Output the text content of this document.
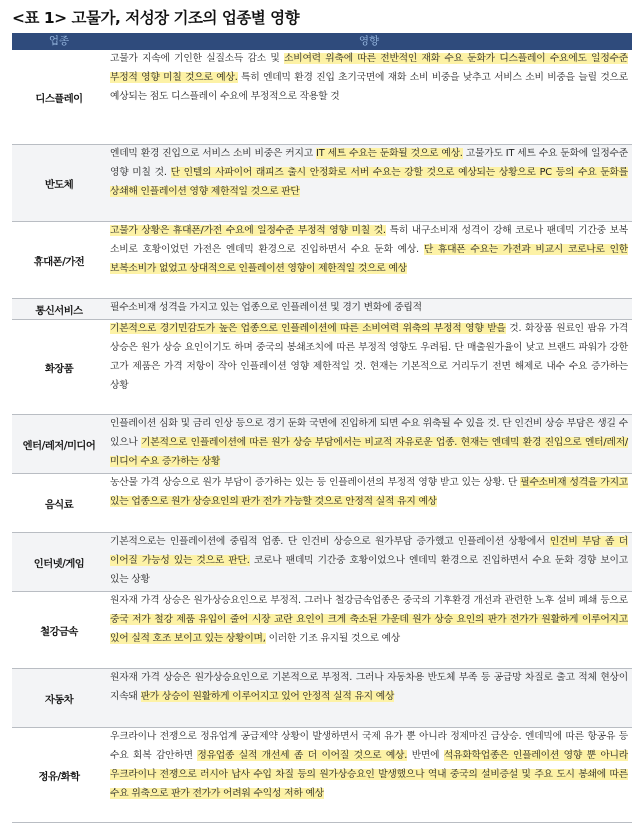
<표 1> 고물가, 저성장 기조의 업종별 영향
업종	영향
디스플레이	고물가 지속에 기인한 실질소득 감소 및 소비여력 위축에 따른 전반적인 재화 수요 둔화가 디스플레이 수요에도 일정수준 부정적 영향 미칠 것으로 예상. 특히 엔데믹 환경 진입 초기국면에 재화 소비 비중을 낮추고 서비스 소비 비중을 늘릴 것으로 예상되는 점도 디스플레이 수요에 부정적으로 작용할 것
반도체	엔데믹 환경 진입으로 서비스 소비 비중은 커지고 IT 세트 수요는 둔화될 것으로 예상. 고물가도 IT 세트 수요 둔화에 일정수준 영향 미칠 것. 단 인텔의 사파이어 래피즈 출시 안정화로 서버 수요는 강할 것으로 예상되는 상황으로 PC 등의 수요 둔화를 상쇄해 인플레이션 영향 제한적일 것으로 판단
휴대폰/가전	고물가 상황은 휴대폰/가전 수요에 일정수준 부정적 영향 미칠 것. 특히 내구소비재 성격이 강해 코로나 팬데믹 기간중 보복 소비로 호황이었던 가전은 엔데믹 환경으로 진입하면서 수요 둔화 예상. 단 휴대폰 수요는 가전과 비교시 코로나로 인한 보복소비가 없었고 상대적으로 인플레이션 영향이 제한적일 것으로 예상
통신서비스	필수소비재 성격을 가지고 있는 업종으로 인플레이션 및 경기 변화에 중립적
화장품	기본적으로 경기민감도가 높은 업종으로 인플레이션에 따른 소비여력 위축의 부정적 영향 받을 것. 화장품 원료인 팜유 가격 상승은 원가 상승 요인이기도 하며 중국의 봉쇄조치에 따른 부정적 영향도 우려됨. 단 매출원가율이 낮고 브랜드 파워가 강한 고가 제품은 가격 저항이 작아 인플레이션 영향 제한적일 것. 현재는 기본적으로 거리두기 전면 해제로 내수 수요 증가하는 상황
엔터/레저/미디어	인플레이션 심화 및 금리 인상 등으로 경기 둔화 국면에 진입하게 되면 수요 위축될 수 있을 것. 단 인건비 상승 부담은 생길 수 있으나 기본적으로 인플레이션에 따른 원가 상승 부담에서는 비교적 자유로운 업종. 현재는 엔데믹 환경 진입으로 엔터/레저/미디어 수요 증가하는 상황
음식료	농산물 가격 상승으로 원가 부담이 증가하는 있는 등 인플레이션의 부정적 영향 받고 있는 상황. 단 필수소비재 성격을 가지고 있는 업종으로 원가 상승요인의 판가 전가 가능할 것으로 안정적 실적 유지 예상
인터넷/게임	기본적으로는 인플레이션에 중립적 업종. 단 인건비 상승으로 원가부담 증가했고 인플레이션 상황에서 인건비 부담 좀 더 이어질 가능성 있는 것으로 판단. 코로나 팬데믹 기간중 호황이었으나 엔데믹 환경으로 진입하면서 수요 둔화 경향 보이고 있는 상황
철강금속	원자재 가격 상승은 원가상승요인으로 부정적. 그러나 철강금속업종은 중국의 기후환경 개선과 관련한 노후 설비 폐쇄 등으로 중국 저가 철강 제품 유입이 줄어 시장 교란 요인이 크게 축소된 가운데 원가 상승 요인의 판가 전가가 원활하게 이루어지고 있어 실적 호조 보이고 있는 상황이며, 이러한 기조 유지될 것으로 예상
자동차	원자재 가격 상승은 원가상승요인으로 기본적으로 부정적. 그러나 자동차용 반도체 부족 등 공급망 차질로 출고 적체 현상이 지속돼 판가 상승이 원활하게 이루어지고 있어 안정적 실적 유지 예상
정유/화학	우크라이나 전쟁으로 정유업계 공급제약 상황이 발생하면서 국제 유가 뿐 아니라 정제마진 급상승. 엔데믹에 따른 항공유 등 수요 회복 감안하면 정유업종 실적 개선세 좀 더 이어질 것으로 예상. 반면에 석유화학업종은 인플레이션 영향 뿐 아니라 우크라이나 전쟁으로 러시아 납사 수입 차질 등의 원가상승요인 발생했으나 역내 중국의 설비증설 및 주요 도시 봉쇄에 따른 수요 위축으로 판가 전가가 어려워 수익성 저하 예상
